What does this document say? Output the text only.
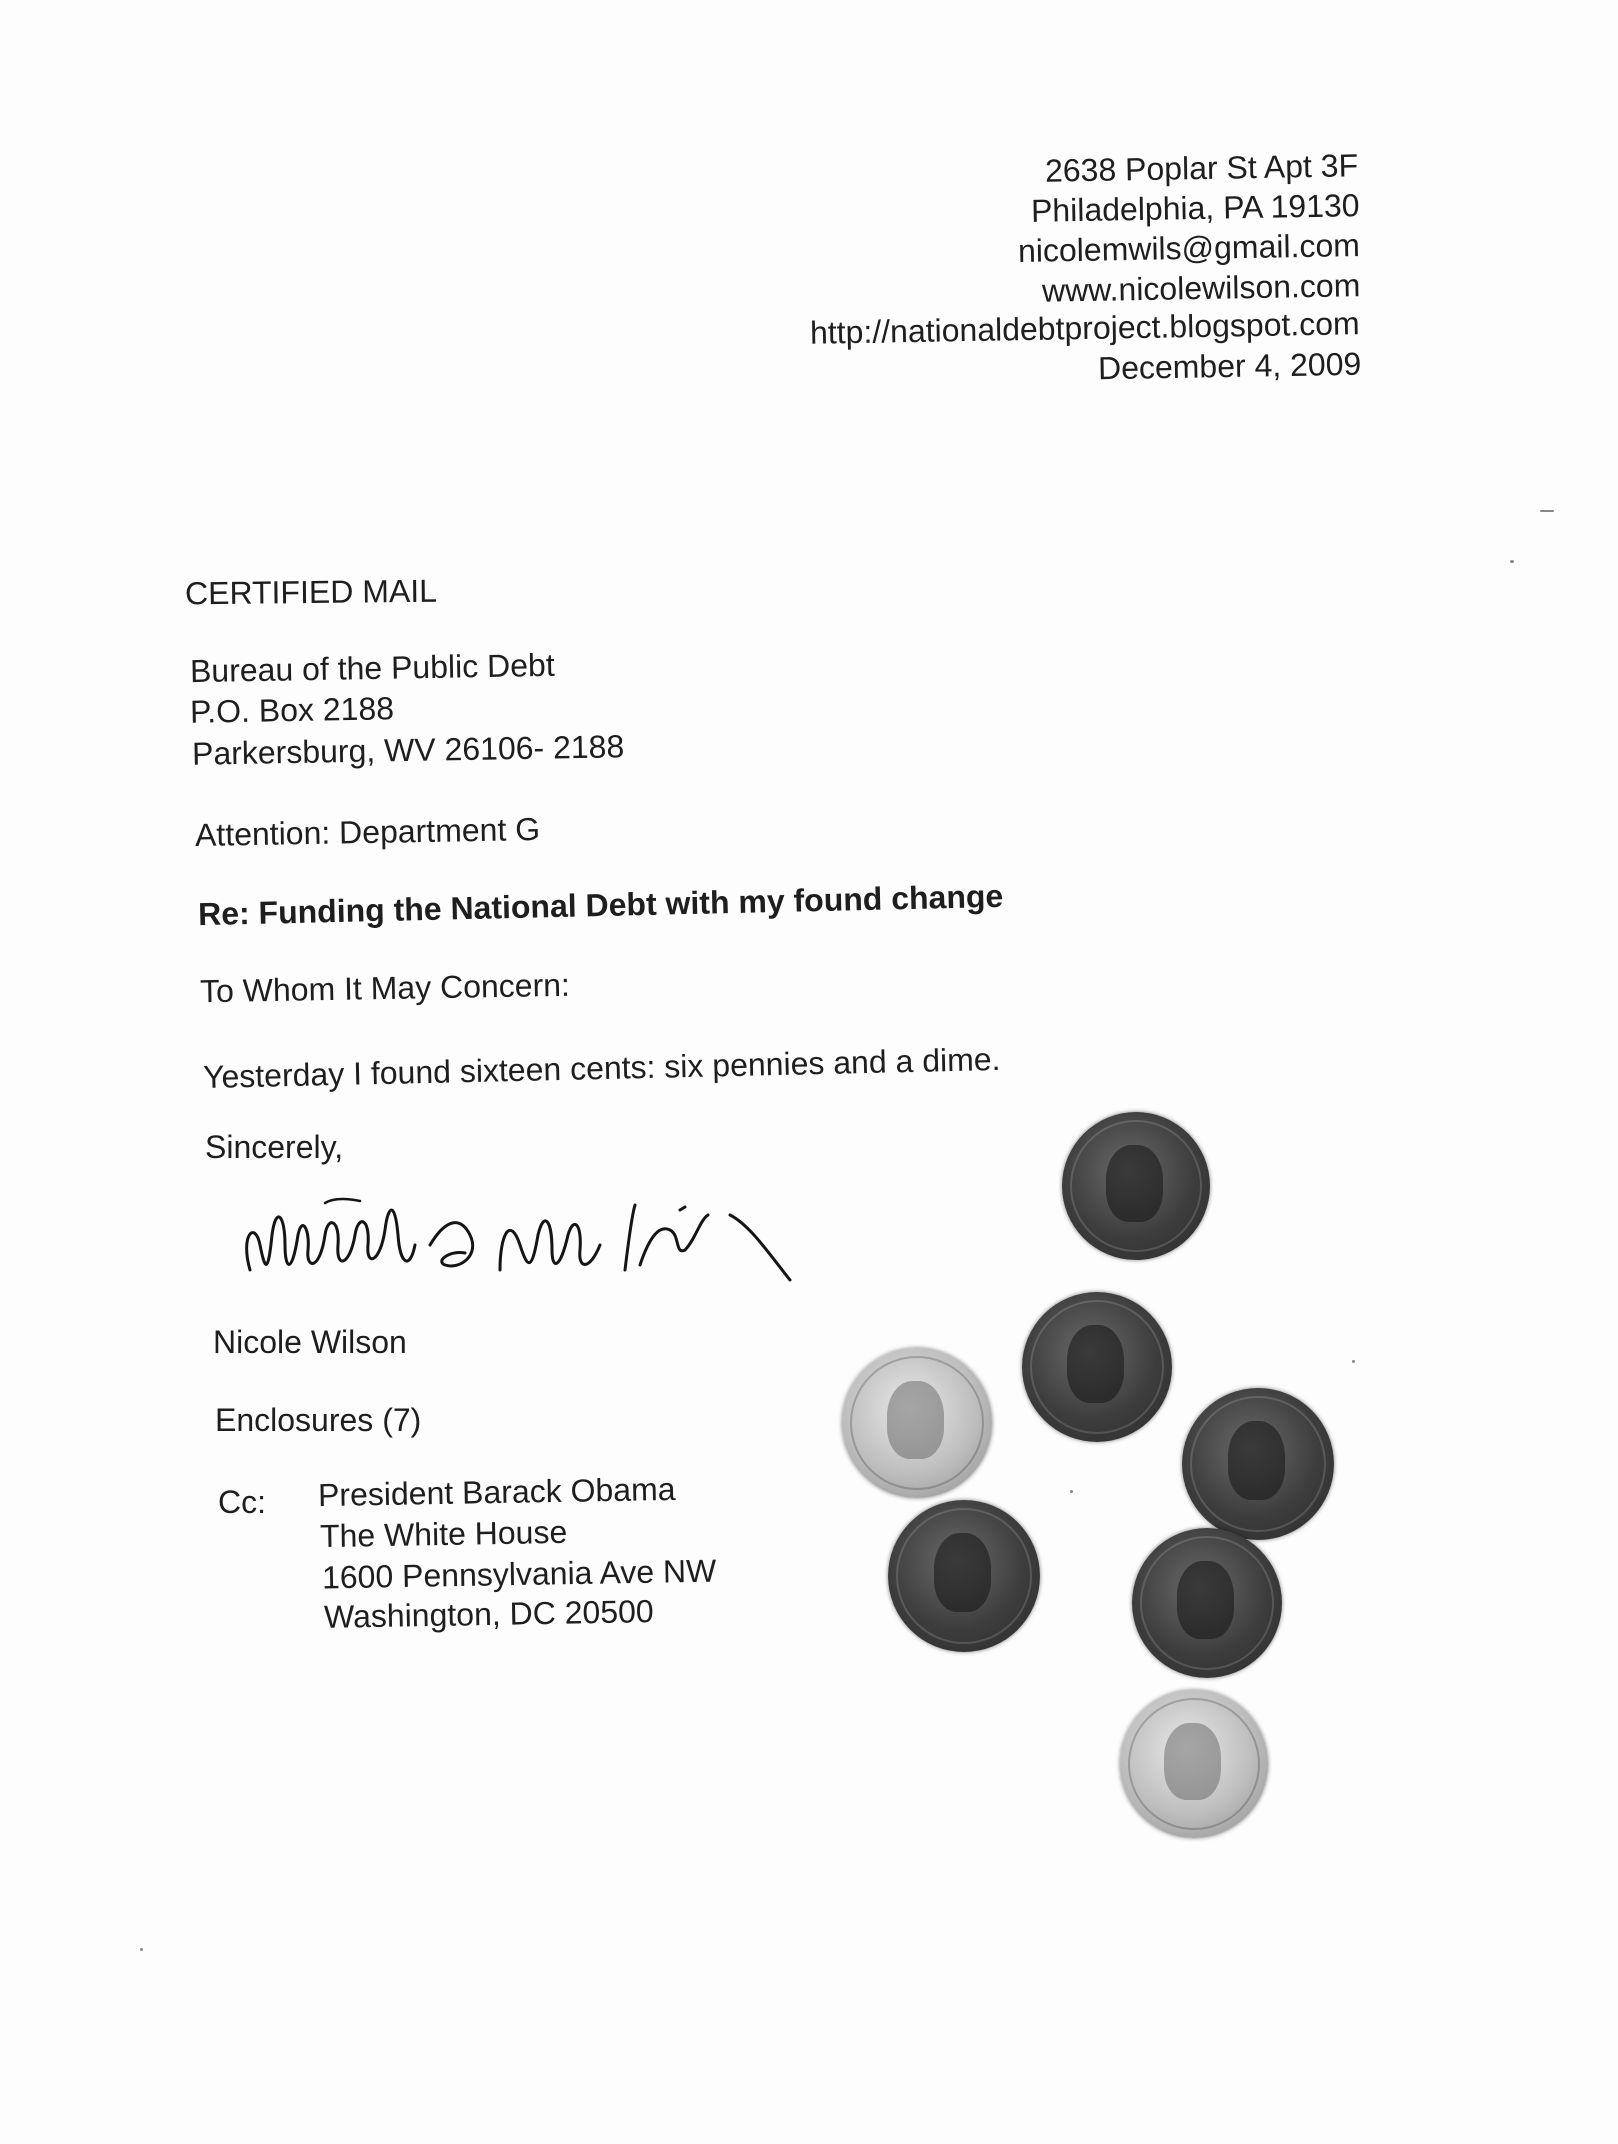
2638 Poplar St Apt 3F
Philadelphia, PA 19130
nicolemwils@gmail.com
www.nicolewilson.com
http://nationaldebtproject.blogspot.com
December 4, 2009
CERTIFIED MAIL
Bureau of the Public Debt
P.O. Box 2188
Parkersburg, WV 26106- 2188
Attention: Department G
Re: Funding the National Debt with my found change
To Whom It May Concern:
Yesterday I found sixteen cents: six pennies and a dime.
Sincerely,
Nicole Wilson
Enclosures (7)
Cc: President Barack Obama
The White House
1600 Pennsylvania Ave NW
Washington, DC 20500
